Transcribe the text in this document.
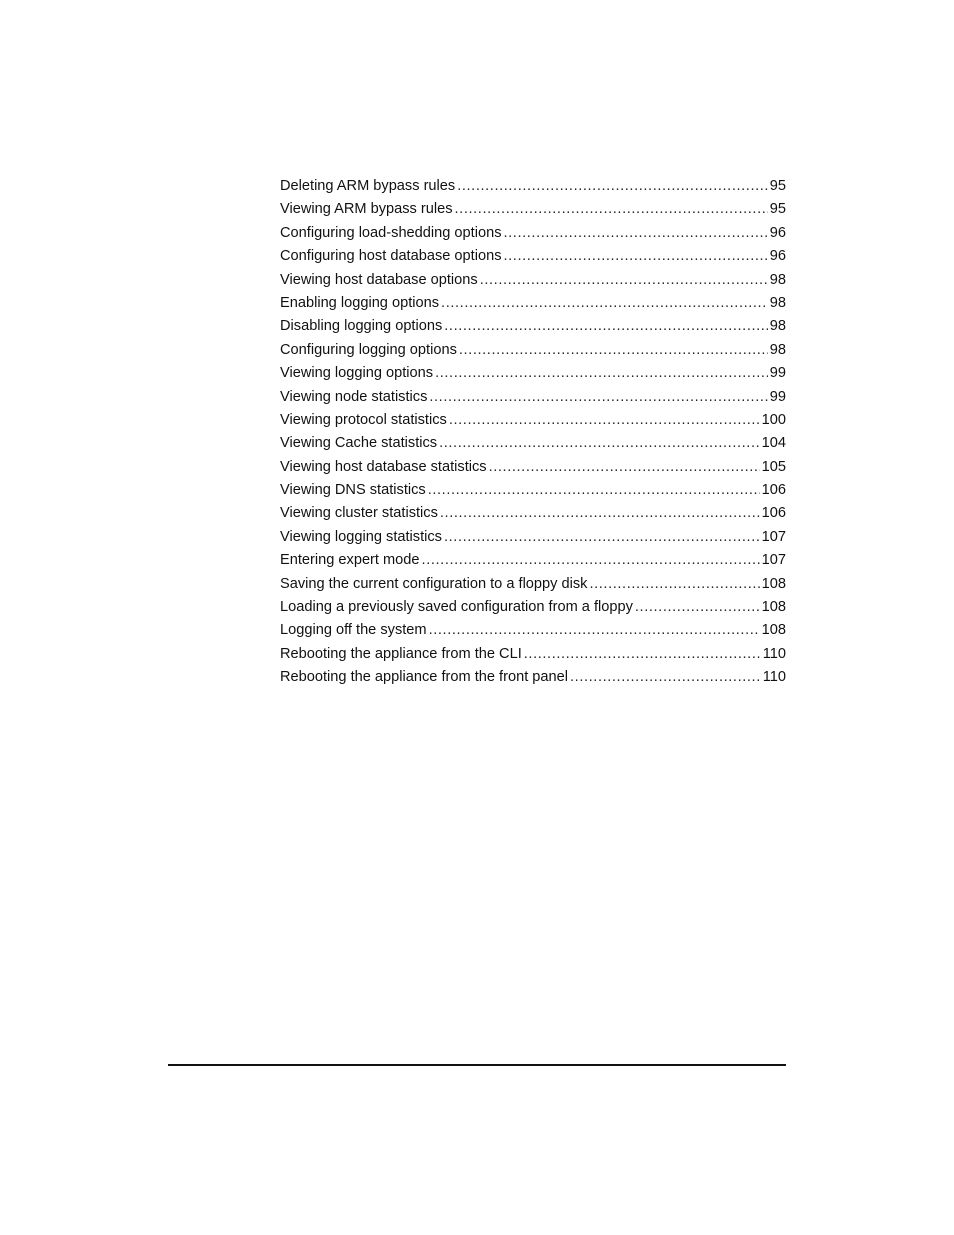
Deleting ARM bypass rules .....	95
Viewing ARM bypass rules .....	95
Configuring load-shedding options .....	96
Configuring host database options .....	96
Viewing host database options .....	98
Enabling logging options .....	98
Disabling logging options .....	98
Configuring logging options .....	98
Viewing logging options .....	99
Viewing node statistics .....	99
Viewing protocol statistics .....	100
Viewing Cache statistics .....	104
Viewing host database statistics .....	105
Viewing DNS statistics .....	106
Viewing cluster statistics .....	106
Viewing logging statistics .....	107
Entering expert mode .....	107
Saving the current configuration to a floppy disk .....	108
Loading a previously saved configuration from a floppy .....	108
Logging off the system .....	108
Rebooting the appliance from the CLI .....	110
Rebooting the appliance from the front panel .....	110
